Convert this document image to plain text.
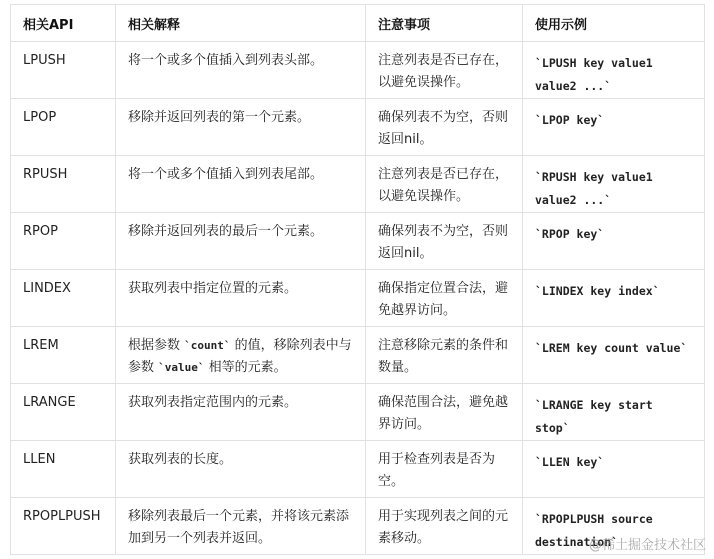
相关API	相关解释	注意事项	使用示例
LPUSH	将一个或多个值插入到列表头部。	注意列表是否已存在，以避免误操作。	`LPUSH key value1 value2 ...`
LPOP	移除并返回列表的第一个元素。	确保列表不为空，否则返回nil。	`LPOP key`
RPUSH	将一个或多个值插入到列表尾部。	注意列表是否已存在，以避免误操作。	`RPUSH key value1 value2 ...`
RPOP	移除并返回列表的最后一个元素。	确保列表不为空，否则返回nil。	`RPOP key`
LINDEX	获取列表中指定位置的元素。	确保指定位置合法，避免越界访问。	`LINDEX key index`
LREM	根据参数 `count` 的值，移除列表中与参数 `value` 相等的元素。	注意移除元素的条件和数量。	`LREM key count value`
LRANGE	获取列表指定范围内的元素。	确保范围合法，避免越界访问。	`LRANGE key start stop`
LLEN	获取列表的长度。	用于检查列表是否为空。	`LLEN key`
RPOPLPUSH	移除列表最后一个元素，并将该元素添加到另一个列表并返回。	用于实现列表之间的元素移动。	`RPOPLPUSH source destination`
@稀土掘金技术社区
